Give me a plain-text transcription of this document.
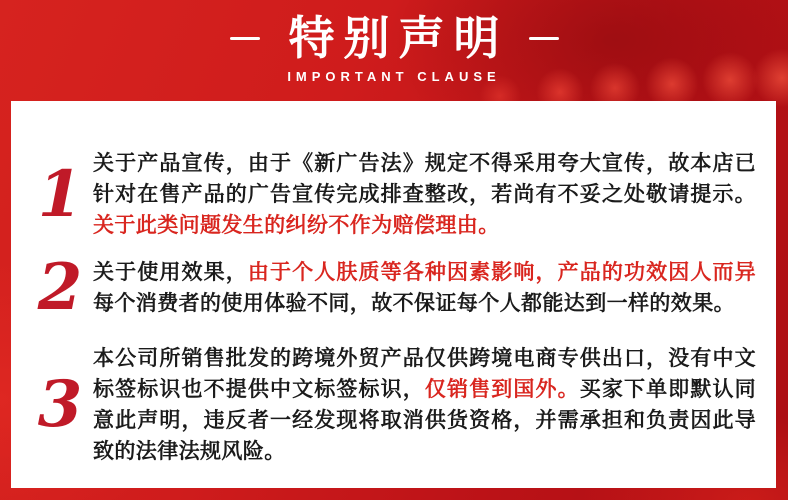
特别声明
IMPORTANT CLAUSE
1 关于产品宣传，由于《新广告法》规定不得采用夸大宣传，故本店已针对在售产品的广告宣传完成排查整改，若尚有不妥之处敬请提示。关于此类问题发生的纠纷不作为赔偿理由。
2 关于使用效果，由于个人肤质等各种因素影响，产品的功效因人而异每个消费者的使用体验不同，故不保证每个人都能达到一样的效果。
3
本公司所销售批发的跨境外贸产品仅供跨境电商专供出口，没有中文标签标识也不提供中文标签标识，仅销售到国外。买家下单即默认同意此声明，违反者一经发现将取消供货资格，并需承担和负责因此导致的法律法规风险。
